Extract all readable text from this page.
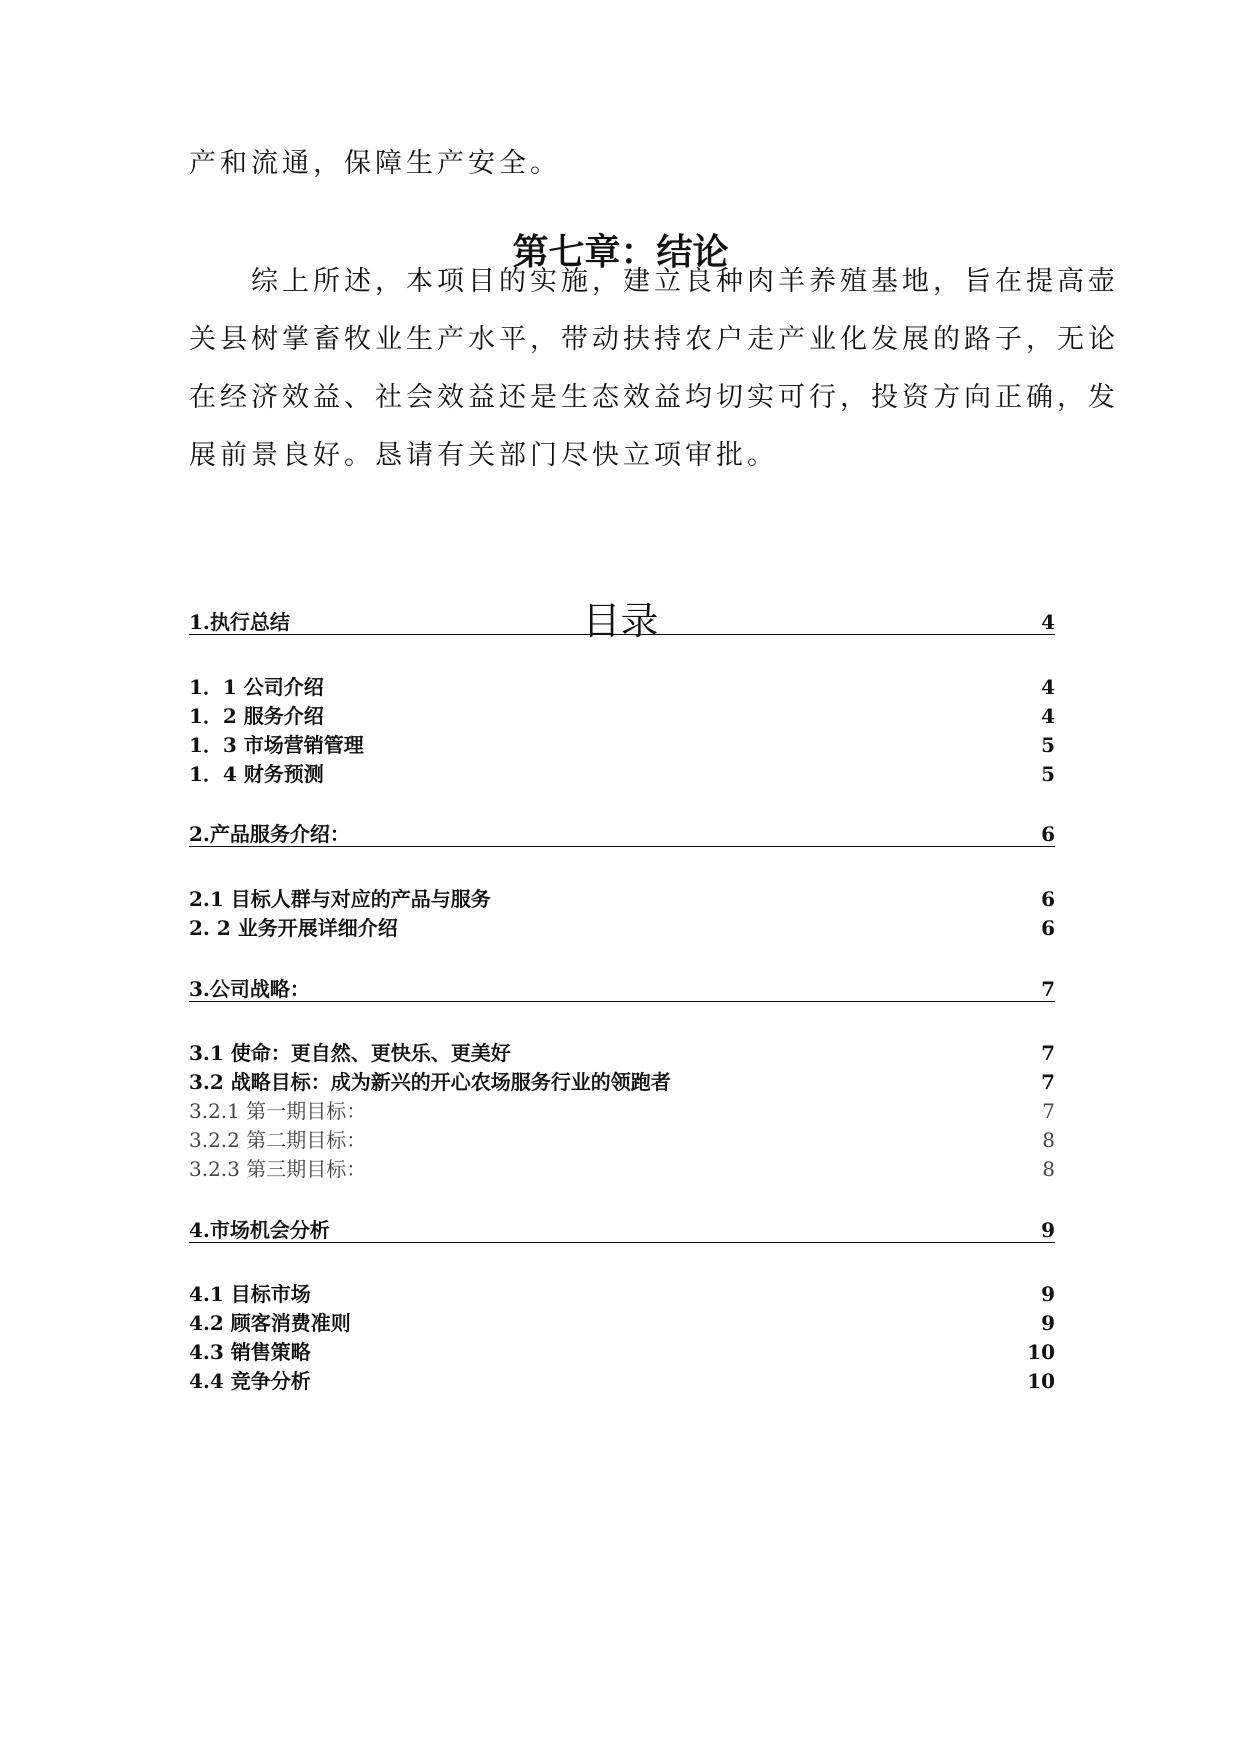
产和流通，保障生产安全。
第七章：结论
　　综上所述，本项目的实施，建立良种肉羊养殖基地，旨在提高壶
关县树掌畜牧业生产水平，带动扶持农户走产业化发展的路子，无论
在经济效益、社会效益还是生态效益均切实可行，投资方向正确，发
展前景良好。恳请有关部门尽快立项审批。
目录
1. 执行总结	4
1．1 公司介绍	4
1．2 服务介绍	4
1．3 市场营销管理	5
1．4 财务预测	5
2. 产品服务介绍：	6
2.1 目标人群与对应的产品与服务	6
2. 2 业务开展详细介绍	6
3. 公司战略：	7
3.1 使命：更自然、更快乐、更美好	7
3.2 战略目标：成为新兴的开心农场服务行业的领跑者	7
3.2.1 第一期目标：	7
3.2.2 第二期目标：	8
3.2.3 第三期目标：	8
4. 市场机会分析	9
4.1 目标市场	9
4.2 顾客消费准则	9
4.3 销售策略	10
4.4 竞争分析	10
